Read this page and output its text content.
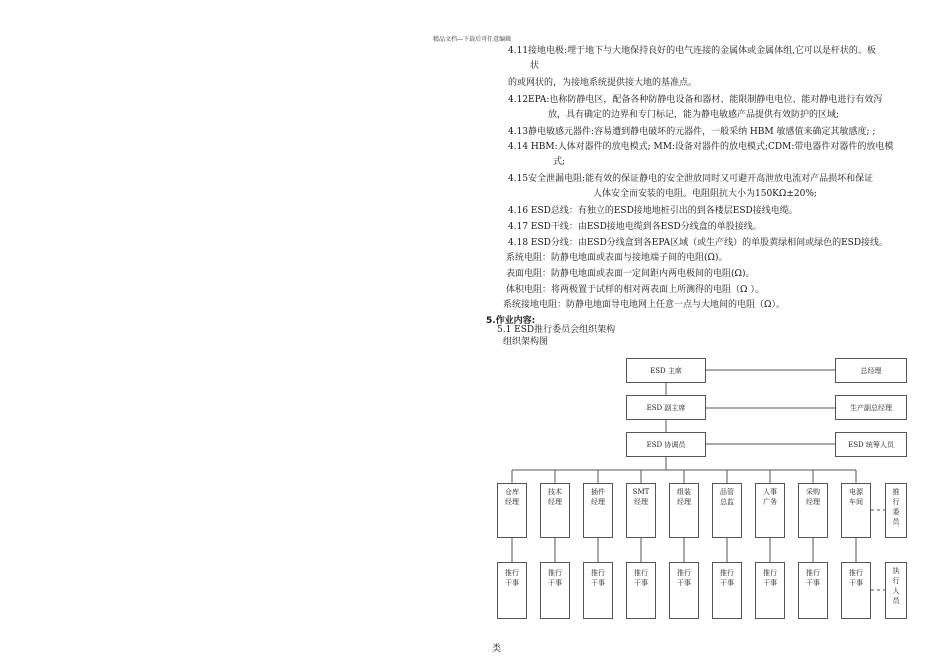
精品文档---下载后可任意编辑
4.11接地电极:埋于地下与大地保持良好的电气连接的金属体或金属体组,它可以是杆状的、板
状
的或网状的，为接地系统提供接大地的基准点。
4.12EPA:也称防静电区，配备各种防静电设备和器材、能限制静电电位、能对静电进行有效泻
放，具有确定的边界和专门标记，能为静电敏感产品提供有效防护的区域;
4.13静电敏感元器件:容易遭到静电破坏的元器件，一般采纳 HBM 敏感值来确定其敏感度; ;
4.14 HBM:人体对器件的放电模式; MM:设备对器件的放电模式;CDM:带电器件对器件的放电模
式;
4.15安全泄漏电阻:能有效的保证静电的安全泄放同时又可避开高泄放电流对产品损坏和保证
人体安全而安装的电阻。电阻阻抗大小为150KΩ±20%;
4.16 ESD总线：有独立的ESD接地地桩引出的到各楼层ESD接线电缆。
4.17 ESD干线：由ESD接地电缆到各ESD分线盒的单股接线。
4.18 ESD分线：由ESD分线盒到各EPA区域（或生产线）的单股黄绿相间或绿色的ESD接线。
系统电阻：防静电地面或表面与接地端子间的电阻(Ω)。
表面电阻：防静电地面或表面一定间距内两电极间的电阻(Ω)。
体积电阻：将两极置于试样的相对两表面上所测得的电阻（Ω ）。
系统接地电阻：防静电地面导电地网上任意一点与大地间的电阻（Ω）。
5.作业内容:
5.1 ESD推行委员会组织架构
组织架构图
ESD 主席
ESD 副主席
ESD 协调员
总经理
生产副总经理
ESD 统筹人员
仓库经理
技术经理
插件经理
SMT 经理
组装经理
品管总监
人事广务
采购经理
电源车间
推行委员
推行干事
推行干事
推行干事
推行干事
推行干事
推行干事
推行干事
推行干事
推行干事
执行人员
类
